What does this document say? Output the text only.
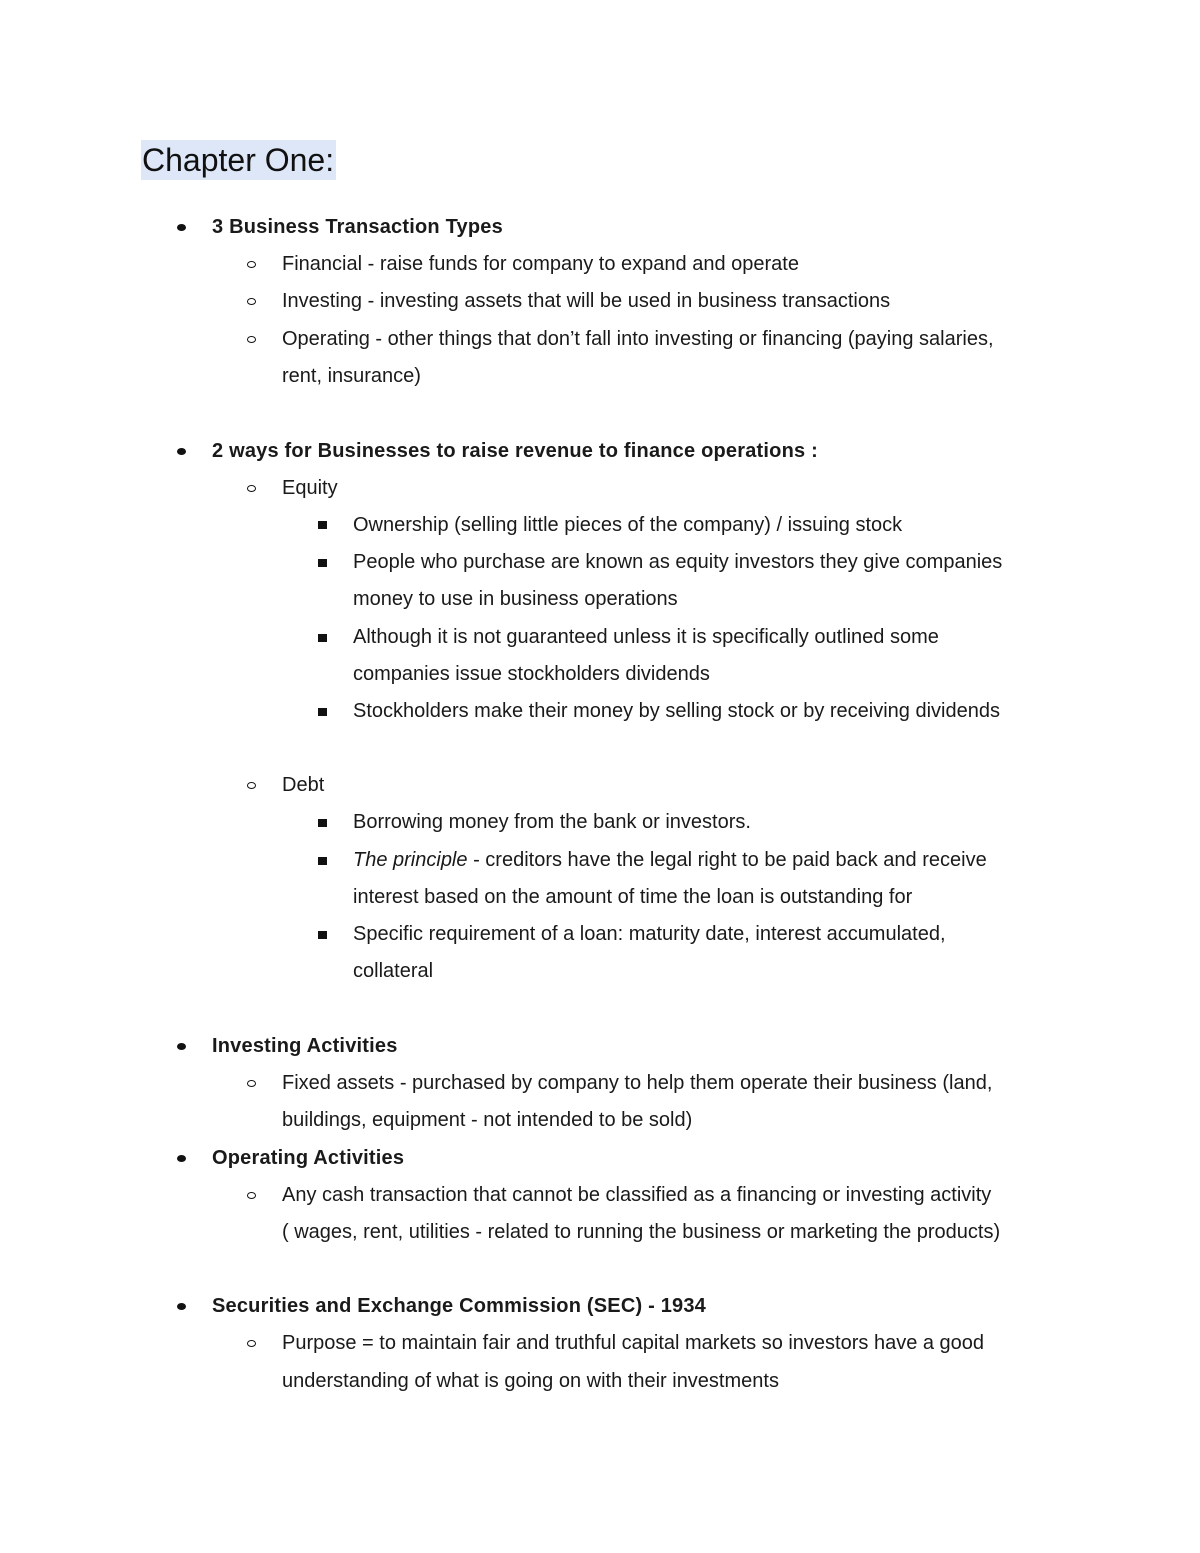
Chapter One:
3 Business Transaction Types
Financial - raise funds for company to expand and operate
Investing - investing assets that will be used in business transactions
Operating - other things that don’t fall into investing or financing (paying salaries,
rent, insurance)
2 ways for Businesses to raise revenue to finance operations :
Equity
Ownership (selling little pieces of the company) / issuing stock
People who purchase are known as equity investors they give companies
money to use in business operations
Although it is not guaranteed unless it is specifically outlined some
companies issue stockholders dividends
Stockholders make their money by selling stock or by receiving dividends
Debt
Borrowing money from the bank or investors.
The principle - creditors have the legal right to be paid back and receive
interest based on the amount of time the loan is outstanding for
Specific requirement of a loan: maturity date, interest accumulated,
collateral
Investing Activities
Fixed assets - purchased by company to help them operate their business (land,
buildings, equipment - not intended to be sold)
Operating Activities
Any cash transaction that cannot be classified as a financing or investing activity
( wages, rent, utilities - related to running the business or marketing the products)
Securities and Exchange Commission (SEC) - 1934
Purpose = to maintain fair and truthful capital markets so investors have a good
understanding of what is going on with their investments
